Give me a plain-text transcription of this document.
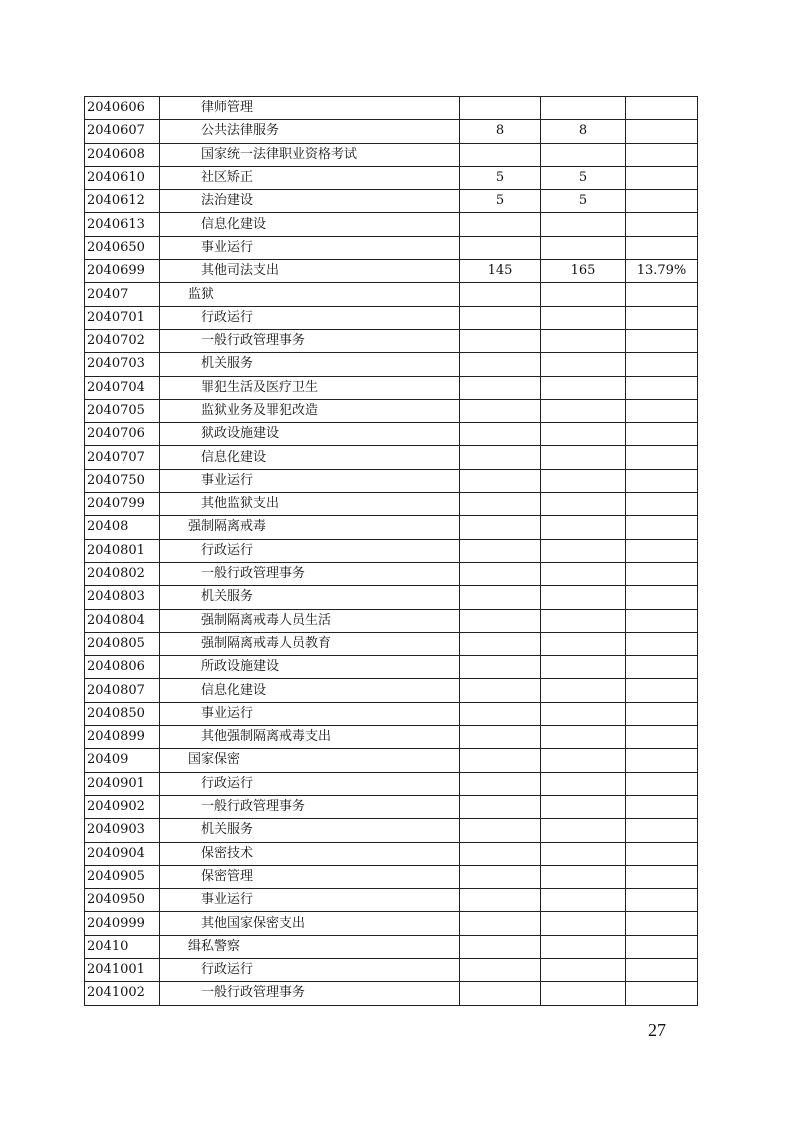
2040606	律师管理			
2040607	公共法律服务	8	8	
2040608	国家统一法律职业资格考试			
2040610	社区矫正	5	5	
2040612	法治建设	5	5	
2040613	信息化建设			
2040650	事业运行			
2040699	其他司法支出	145	165	13.79%
20407	监狱			
2040701	行政运行			
2040702	一般行政管理事务			
2040703	机关服务			
2040704	罪犯生活及医疗卫生			
2040705	监狱业务及罪犯改造			
2040706	狱政设施建设			
2040707	信息化建设			
2040750	事业运行			
2040799	其他监狱支出			
20408	强制隔离戒毒			
2040801	行政运行			
2040802	一般行政管理事务			
2040803	机关服务			
2040804	强制隔离戒毒人员生活			
2040805	强制隔离戒毒人员教育			
2040806	所政设施建设			
2040807	信息化建设			
2040850	事业运行			
2040899	其他强制隔离戒毒支出			
20409	国家保密			
2040901	行政运行			
2040902	一般行政管理事务			
2040903	机关服务			
2040904	保密技术			
2040905	保密管理			
2040950	事业运行			
2040999	其他国家保密支出			
20410	缉私警察			
2041001	行政运行			
2041002	一般行政管理事务			
27
